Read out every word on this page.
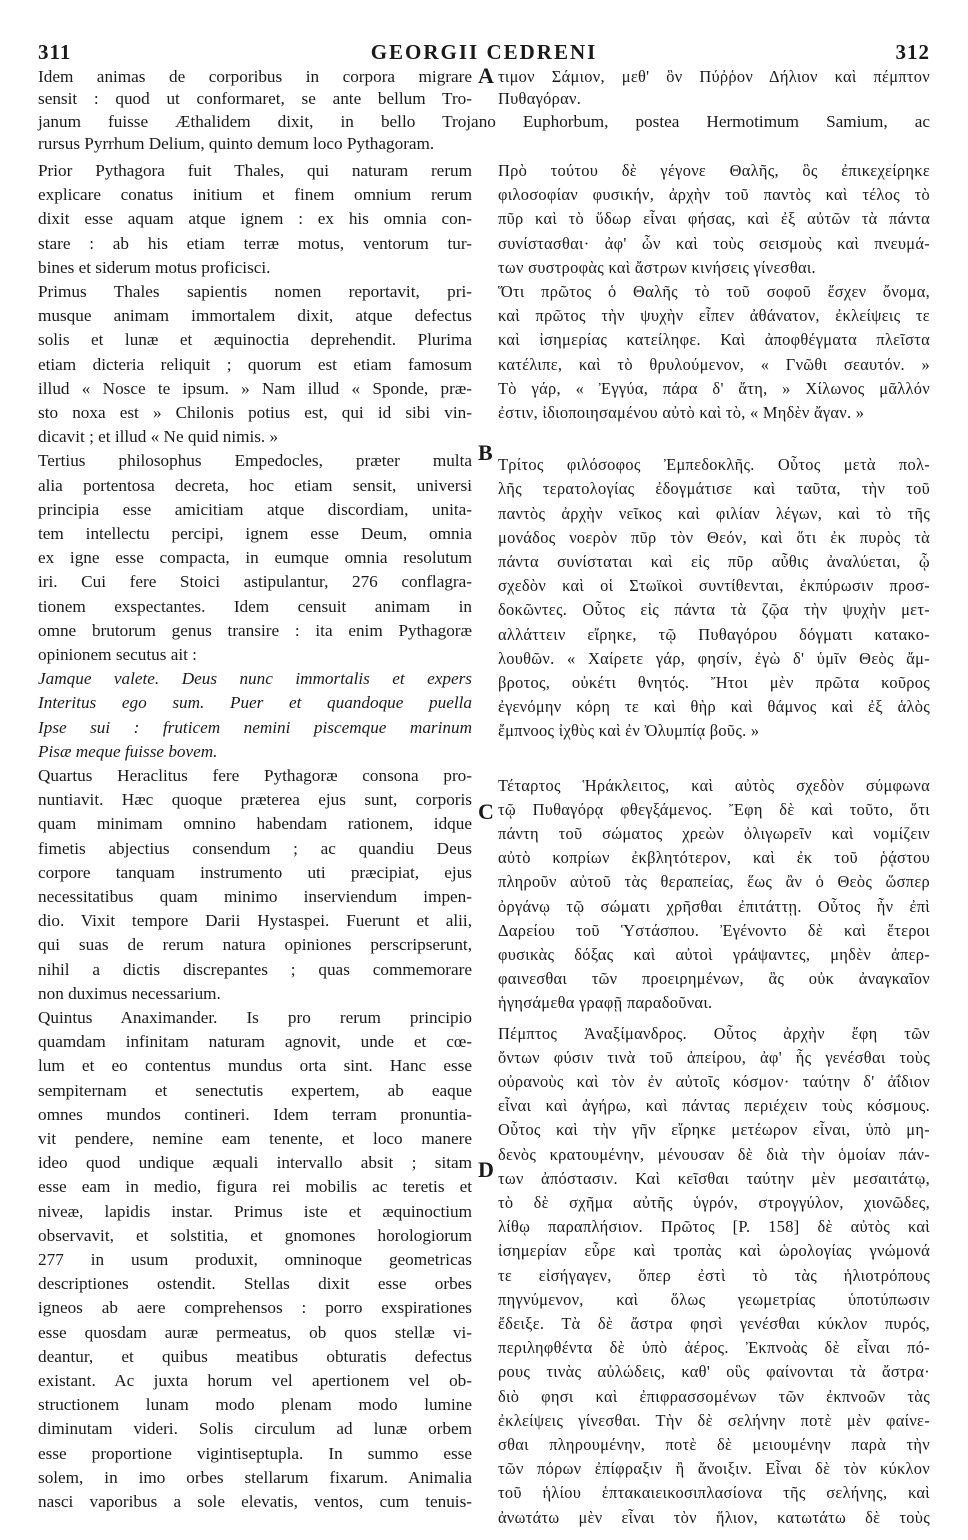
311	GEORGII CEDRENI	312
Idem animas de corporibus in corpora migrare τιμον Σάμιον, μεθ' ὃν Πύῤῥον Δήλιον καὶ πέμπτον
sensit : quod ut conformaret, se ante bellum Tro- Πυθαγόραν.
janum fuisse Æthalidem dixit, in bello Trojano Euphorbum, postea Hermotimum Samium, ac
rursus Pyrrhum Delium, quinto demum loco Pythagoram.
Prior Pythagora fuit Thales, qui naturam rerum
explicare conatus initium et finem omnium rerum
dixit esse aquam atque ignem : ex his omnia con-
stare : ab his etiam terræ motus, ventorum tur-
bines et siderum motus proficisci.
Primus Thales sapientis nomen reportavit, pri-
musque animam immortalem dixit, atque defectus
solis et lunæ et æquinoctia deprehendit. Plurima
etiam dicteria reliquit ; quorum est etiam famosum
illud « Nosce te ipsum. » Nam illud « Sponde, præ-
sto noxa est » Chilonis potius est, qui id sibi vin-
dicavit ; et illud « Ne quid nimis. »
Tertius philosophus Empedocles, præter multa
alia portentosa decreta, hoc etiam sensit, universi
principia esse amicitiam atque discordiam, unita-
tem intellectu percipi, ignem esse Deum, omnia
ex igne esse compacta, in eumque omnia resolutum
iri. Cui fere Stoici astipulantur, 276 conflagra-
tionem exspectantes. Idem censuit animam in
omne brutorum genus transire : ita enim Pythagoræ
opinionem secutus ait :
Jamque valete. Deus nunc immortalis et expers
Interitus ego sum. Puer et quandoque puella
Ipse sui : fruticem nemini piscemque marinum
Pisæ meque fuisse bovem.
Quartus Heraclitus fere Pythagoræ consona pro-
nuntiavit. Hæc quoque præterea ejus sunt, corporis
quam minimam omnino habendam rationem, idque
fimetis abjectius consendum ; ac quandiu Deus
corpore tanquam instrumento uti præcipiat, ejus
necessitatibus quam minimo inserviendum impen-
dio. Vixit tempore Darii Hystaspei. Fuerunt et alii,
qui suas de rerum natura opiniones perscripserunt,
nihil a dictis discrepantes ; quas commemorare
non duximus necessarium.
Quintus Anaximander. Is pro rerum principio
quamdam infinitam naturam agnovit, unde et cœ-
lum et eo contentus mundus orta sint. Hanc esse
sempiternam et senectutis expertem, ab eaque
omnes mundos contineri. Idem terram pronuntia-
vit pendere, nemine eam tenente, et loco manere
ideo quod undique æquali intervallo absit ; sitam
esse eam in medio, figura rei mobilis ac teretis et
niveæ, lapidis instar. Primus iste et æquinoctium
observavit, et solstitia, et gnomones horologiorum
277 in usum produxit, omninoque geometricas
descriptiones ostendit. Stellas dixit esse orbes
igneos ab aere comprehensos : porro exspirationes
esse quosdam auræ permeatus, ob quos stellæ vi-
deantur, et quibus meatibus obturatis defectus
existant. Ac juxta horum vel apertionem vel ob-
structionem lunam modo plenam modo lumine
diminutam videri. Solis circulum ad lunæ orbem
esse proportione vigintiseptupla. In summo esse
solem, in imo orbes stellarum fixarum. Animalia
nasci vaporibus a sole elevatis, ventos, cum tenuis-
Πρὸ τούτου δὲ γέγονε Θαλῆς, ὃς ἐπικεχείρηκε
φιλοσοφίαν φυσικήν, ἀρχὴν τοῦ παντὸς καὶ τέλος τὸ
πῦρ καὶ τὸ ὕδωρ εἶναι φήσας, καὶ ἐξ αὐτῶν τὰ πάντα
συνίστασθαι· ἀφ' ὧν καὶ τοὺς σεισμοὺς καὶ πνευμά-
των συστροφὰς καὶ ἄστρων κινήσεις γίνεσθαι.
Ὅτι πρῶτος ὁ Θαλῆς τὸ τοῦ σοφοῦ ἔσχεν ὄνομα,
καὶ πρῶτος τὴν ψυχὴν εἶπεν ἀθάνατον, ἐκλείψεις τε
καὶ ἰσημερίας κατείληφε. Καὶ ἀποφθέγματα πλεῖστα
κατέλιπε, καὶ τὸ θρυλούμενον, « Γνῶθι σεαυτόν. »
Τὸ γάρ, « Ἐγγύα, πάρα δ' ἄτη, » Χίλωνος μᾶλλόν
ἐστιν, ἰδιοποιησαμένου αὐτὸ καὶ τὸ, « Μηδὲν ἄγαν. »
Τρίτος φιλόσοφος Ἐμπεδοκλῆς. Οὗτος μετὰ πολ-
λῆς τερατολογίας ἐδογμάτισε καὶ ταῦτα, τὴν τοῦ
παντὸς ἀρχὴν νεῖκος καὶ φιλίαν λέγων, καὶ τὸ τῆς
μονάδος νοερὸν πῦρ τὸν Θεόν, καὶ ὅτι ἐκ πυρὸς τὰ
πάντα συνίσταται καὶ εἰς πῦρ αὖθις ἀναλύεται, ᾧ
σχεδὸν καὶ οἱ Στωϊκοὶ συντίθενται, ἐκπύρωσιν προσ-
δοκῶντες. Οὗτος εἰς πάντα τὰ ζῷα τὴν ψυχὴν μετ-
αλλάττειν εἴρηκε, τῷ Πυθαγόρου δόγματι κατακο-
λουθῶν. « Χαίρετε γάρ, φησίν, ἐγὼ δ' ὑμῖν Θεὸς ἄμ-
βροτος, οὐκέτι θνητός. Ἤτοι μὲν πρῶτα κοῦρος
ἐγενόμην κόρη τε καὶ θὴρ καὶ θάμνος καὶ ἐξ ἁλὸς
ἔμπνοος ἰχθὺς καὶ ἐν Ὀλυμπίᾳ βοῦς. »
Τέταρτος Ἡράκλειτος, καὶ αὐτὸς σχεδὸν σύμφωνα
τῷ Πυθαγόρᾳ φθεγξάμενος. Ἔφη δὲ καὶ τοῦτο, ὅτι
πάντη τοῦ σώματος χρεὼν ὀλιγωρεῖν καὶ νομίζειν
αὐτὸ κοπρίων ἐκβλητότερον, καὶ ἐκ τοῦ ῥᾴστου
πληροῦν αὐτοῦ τὰς θεραπείας, ἕως ἂν ὁ Θεὸς ὥσπερ
ὀργάνῳ τῷ σώματι χρῆσθαι ἐπιτάττῃ. Οὗτος ἦν ἐπὶ
Δαρείου τοῦ Ὑστάσπου. Ἐγένοντο δὲ καὶ ἕτεροι
φυσικὰς δόξας καὶ αὐτοὶ γράψαντες, μηδὲν ἀπερ-
φαινεσθαι τῶν προειρημένων, ἃς οὐκ ἀναγκαῖον
ἡγησάμεθα γραφῇ παραδοῦναι.
Πέμπτος Ἀναξίμανδρος. Οὗτος ἀρχὴν ἔφη τῶν
ὄντων φύσιν τινὰ τοῦ ἀπείρου, ἀφ' ἧς γενέσθαι τοὺς
οὐρανοὺς καὶ τὸν ἐν αὐτοῖς κόσμον· ταύτην δ' ἀΐδιον
εἶναι καὶ ἀγήρω, καὶ πάντας περιέχειν τοὺς κόσμους.
Οὗτος καὶ τὴν γῆν εἴρηκε μετέωρον εἶναι, ὑπὸ μη-
δενὸς κρατουμένην, μένουσαν δὲ διὰ τὴν ὁμοίαν πάν-
των ἀπόστασιν. Καὶ κεῖσθαι ταύτην μὲν μεσαιτάτῳ,
τὸ δὲ σχῆμα αὐτῆς ὑγρόν, στρογγύλον, χιονῶδες,
λίθῳ παραπλήσιον. Πρῶτος [P. 158] δὲ αὐτὸς καὶ
ἰσημερίαν εὗρε καὶ τροπὰς καὶ ὡρολογίας γνώμονά
τε εἰσήγαγεν, ὅπερ ἐστὶ τὸ τὰς ἡλιοτρόπους
πηγνύμενον, καὶ ὅλως γεωμετρίας ὑποτύπωσιν
ἔδειξε. Τὰ δὲ ἄστρα φησὶ γενέσθαι κύκλον πυρός,
περιληφθέντα δὲ ὑπὸ ἀέρος. Ἐκπνοὰς δὲ εἶναι πό-
ρους τινὰς αὐλώδεις, καθ' οὓς φαίνονται τὰ ἄστρα·
διὸ φησι καὶ ἐπιφρασσομένων τῶν ἐκπνοῶν τὰς
ἐκλείψεις γίνεσθαι. Τὴν δὲ σελήνην ποτὲ μὲν φαίνε-
σθαι πληρουμένην, ποτὲ δὲ μειουμένην παρὰ τὴν
τῶν πόρων ἐπίφραξιν ἢ ἄνοιξιν. Εἶναι δὲ τὸν κύκλον
τοῦ ἡλίου ἑπτακαιεικοσιπλασίονα τῆς σελήνης, καὶ
ἀνωτάτω μὲν εἶναι τὸν ἥλιον, κατωτάτω δὲ τοὺς
A
B
C
D
